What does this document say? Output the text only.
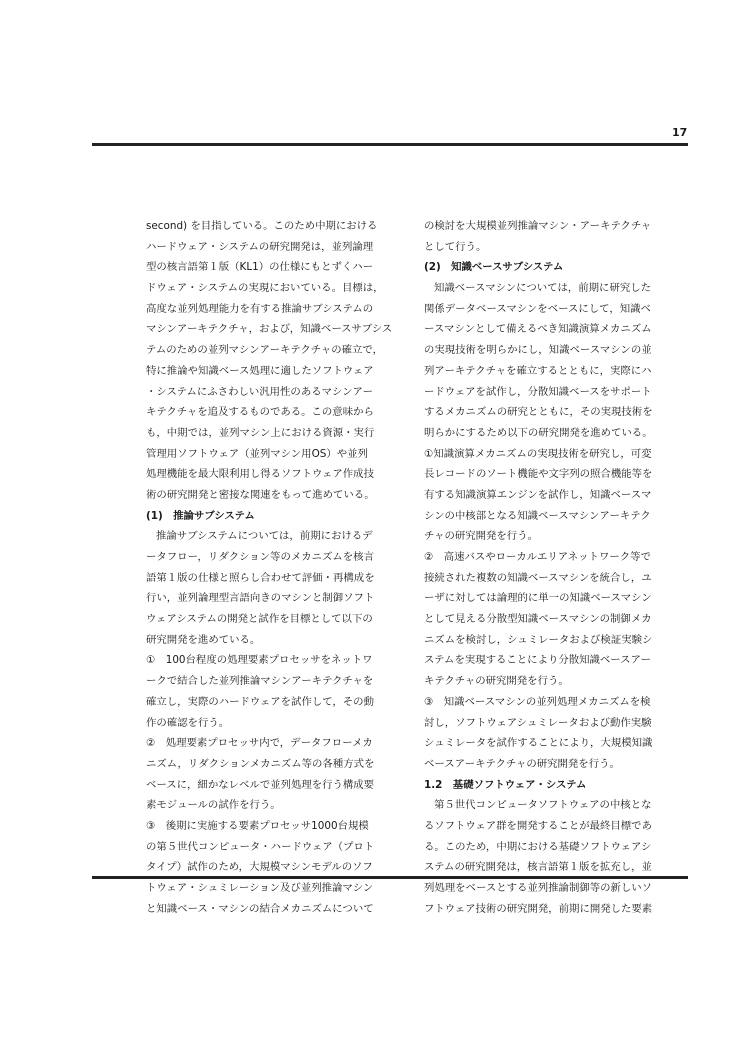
17
second) を目指している。このため中期における
ハードウェア・システムの研究開発は，並列論理
型の核言語第１版（KL1）の仕様にもとずくハー
ドウェア・システムの実現においている。目標は，
高度な並列処理能力を有する推論サブシステムの
マシンアーキテクチャ，および，知識ベースサブシス
テムのための並列マシンアーキテクチャの確立で，
特に推論や知識ベース処理に適したソフトウェア
・システムにふさわしい汎用性のあるマシンアー
キテクチャを追及するものである。この意味から
も，中期では，並列マシン上における資源・実行
管理用ソフトウェア（並列マシン用OS）や並列
処理機能を最大限利用し得るソフトウェア作成技
術の研究開発と密接な関連をもって進めている。
(1)　推論サブシステム
推論サブシステムについては，前期におけるデ
ータフロー，リダクション等のメカニズムを核言
語第１版の仕様と照らし合わせて評価・再構成を
行い，並列論理型言語向きのマシンと制御ソフト
ウェアシステムの開発と試作を目標として以下の
研究開発を進めている。
①　100台程度の処理要素プロセッサをネットワ
ークで結合した並列推論マシンアーキテクチャを
確立し，実際のハードウェアを試作して，その動
作の確認を行う。
②　処理要素プロセッサ内で，データフローメカ
ニズム，リダクションメカニズム等の各種方式を
ベースに，細かなレベルで並列処理を行う構成要
素モジュールの試作を行う。
③　後期に実施する要素プロセッサ1000台規模
の第５世代コンピュータ・ハードウェア（プロト
タイプ）試作のため，大規模マシンモデルのソフ
トウェア・シュミレーション及び並列推論マシン
と知識ベース・マシンの結合メカニズムについて
の検討を大規模並列推論マシン・アーキテクチャ
として行う。
(2)　知識ベースサブシステム
知識ベースマシンについては，前期に研究した
関係データベースマシンをベースにして，知識ベ
ースマシンとして備えるべき知識演算メカニズム
の実現技術を明らかにし，知識ベースマシンの並
列アーキテクチャを確立するとともに，実際にハ
ードウェアを試作し，分散知識ベースをサポート
するメカニズムの研究とともに，その実現技術を
明らかにするため以下の研究開発を進めている。
①知識演算メカニズムの実現技術を研究し，可変
長レコードのソート機能や文字列の照合機能等を
有する知識演算エンジンを試作し，知識ベースマ
シンの中核部となる知識ベースマシンアーキテク
チャの研究開発を行う。
②　高速バスやローカルエリアネットワーク等で
接続された複数の知識ベースマシンを統合し，ユ
ーザに対しては論理的に単一の知識ベースマシン
として見える分散型知識ベースマシンの制御メカ
ニズムを検討し，シュミレータおよび検証実験シ
ステムを実現することにより分散知識ベースアー
キテクチャの研究開発を行う。
③　知識ベースマシンの並列処理メカニズムを検
討し，ソフトウェアシュミレータおよび動作実験
シュミレータを試作することにより，大規模知識
ベースアーキテクチャの研究開発を行う。
1.2　基礎ソフトウェア・システム
第５世代コンピュータソフトウェアの中核とな
るソフトウェア群を開発することが最終目標であ
る。このため，中期における基礎ソフトウェアシ
ステムの研究開発は，核言語第１版を拡充し，並
列処理をベースとする並列推論制御等の新しいソ
フトウェア技術の研究開発，前期に開発した要素
